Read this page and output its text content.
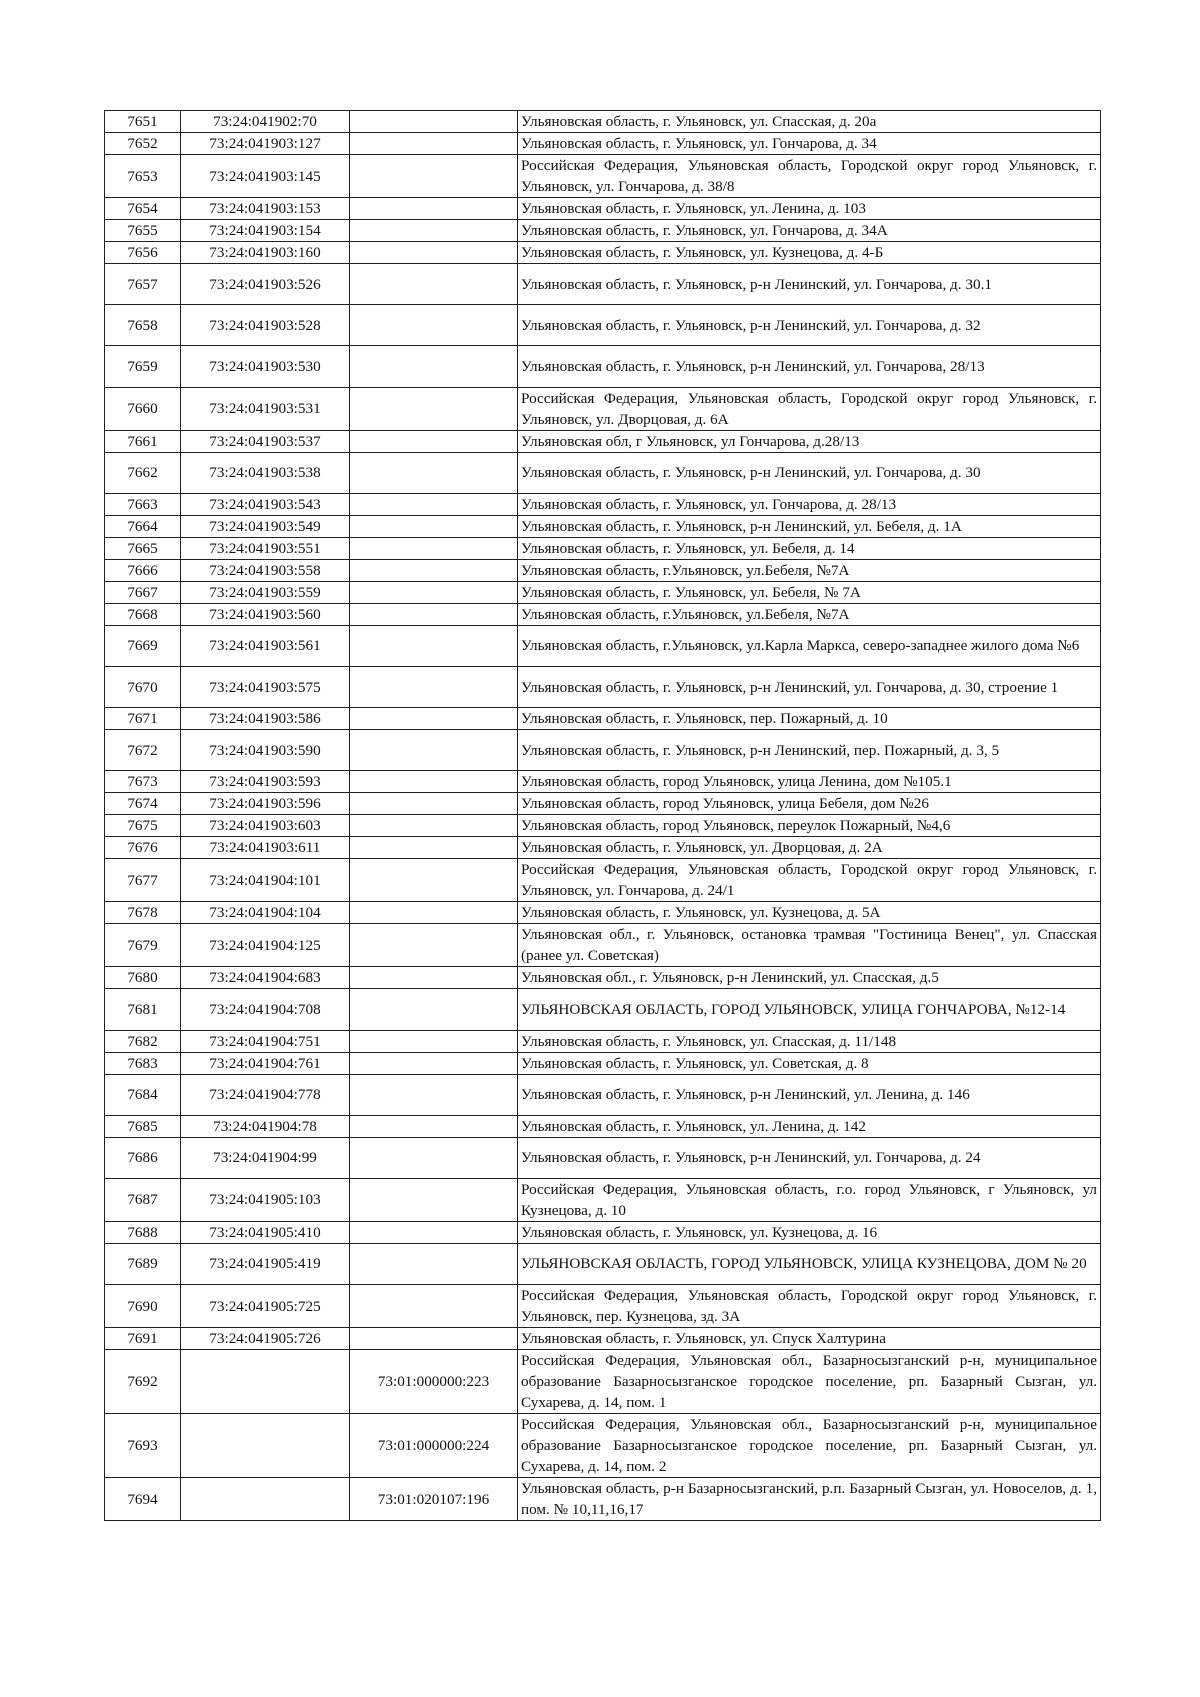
7651	73:24:041902:70		Ульяновская область, г. Ульяновск, ул. Спасская, д. 20а
7652	73:24:041903:127		Ульяновская область, г. Ульяновск, ул. Гончарова, д. 34
7653	73:24:041903:145		Российская Федерация, Ульяновская область, Городской округ город Ульяновск, г. Ульяновск, ул. Гончарова, д. 38/8
7654	73:24:041903:153		Ульяновская область, г. Ульяновск, ул. Ленина, д. 103
7655	73:24:041903:154		Ульяновская область, г. Ульяновск, ул. Гончарова, д. 34А
7656	73:24:041903:160		Ульяновская область, г. Ульяновск, ул. Кузнецова, д. 4-Б
7657	73:24:041903:526		Ульяновская область, г. Ульяновск, р-н Ленинский, ул. Гончарова, д. 30.1
7658	73:24:041903:528		Ульяновская область, г. Ульяновск, р-н Ленинский, ул. Гончарова, д. 32
7659	73:24:041903:530		Ульяновская область, г. Ульяновск, р-н Ленинский, ул. Гончарова, 28/13
7660	73:24:041903:531		Российская Федерация, Ульяновская область, Городской округ город Ульяновск, г. Ульяновск, ул. Дворцовая, д. 6А
7661	73:24:041903:537		Ульяновская обл, г Ульяновск, ул Гончарова, д.28/13
7662	73:24:041903:538		Ульяновская область, г. Ульяновск, р-н Ленинский, ул. Гончарова, д. 30
7663	73:24:041903:543		Ульяновская область, г. Ульяновск, ул. Гончарова, д. 28/13
7664	73:24:041903:549		Ульяновская область, г. Ульяновск, р-н Ленинский, ул. Бебеля, д. 1А
7665	73:24:041903:551		Ульяновская область, г. Ульяновск, ул. Бебеля, д. 14
7666	73:24:041903:558		Ульяновская область, г.Ульяновск, ул.Бебеля, №7А
7667	73:24:041903:559		Ульяновская область, г. Ульяновск, ул. Бебеля, № 7А
7668	73:24:041903:560		Ульяновская область, г.Ульяновск, ул.Бебеля, №7А
7669	73:24:041903:561		Ульяновская область, г.Ульяновск, ул.Карла Маркса, северо-западнее жилого дома №6
7670	73:24:041903:575		Ульяновская область, г. Ульяновск, р-н Ленинский, ул. Гончарова, д. 30, строение 1
7671	73:24:041903:586		Ульяновская область, г. Ульяновск, пер. Пожарный, д. 10
7672	73:24:041903:590		Ульяновская область, г. Ульяновск, р-н Ленинский, пер. Пожарный, д. 3, 5
7673	73:24:041903:593		Ульяновская область, город Ульяновск, улица Ленина, дом №105.1
7674	73:24:041903:596		Ульяновская область, город Ульяновск, улица Бебеля, дом №26
7675	73:24:041903:603		Ульяновская область, город Ульяновск, переулок Пожарный, №4,6
7676	73:24:041903:611		Ульяновская область, г. Ульяновск, ул. Дворцовая, д. 2А
7677	73:24:041904:101		Российская Федерация, Ульяновская область, Городской округ город Ульяновск, г. Ульяновск, ул. Гончарова, д. 24/1
7678	73:24:041904:104		Ульяновская область, г. Ульяновск, ул. Кузнецова, д. 5А
7679	73:24:041904:125		Ульяновская обл., г. Ульяновск, остановка трамвая "Гостиница Венец", ул. Спасская (ранее ул. Советская)
7680	73:24:041904:683		Ульяновская обл., г. Ульяновск, р-н Ленинский, ул. Спасская, д.5
7681	73:24:041904:708		УЛЬЯНОВСКАЯ ОБЛАСТЬ, ГОРОД УЛЬЯНОВСК, УЛИЦА ГОНЧАРОВА, №12-14
7682	73:24:041904:751		Ульяновская область, г. Ульяновск, ул. Спасская, д. 11/148
7683	73:24:041904:761		Ульяновская область, г. Ульяновск, ул. Советская, д. 8
7684	73:24:041904:778		Ульяновская область, г. Ульяновск, р-н Ленинский, ул. Ленина, д. 146
7685	73:24:041904:78		Ульяновская область, г. Ульяновск, ул. Ленина, д. 142
7686	73:24:041904:99		Ульяновская область, г. Ульяновск, р-н Ленинский, ул. Гончарова, д. 24
7687	73:24:041905:103		Российская Федерация, Ульяновская область, г.о. город Ульяновск, г Ульяновск, ул Кузнецова, д. 10
7688	73:24:041905:410		Ульяновская область, г. Ульяновск, ул. Кузнецова, д. 16
7689	73:24:041905:419		УЛЬЯНОВСКАЯ ОБЛАСТЬ, ГОРОД УЛЬЯНОВСК, УЛИЦА КУЗНЕЦОВА, ДОМ № 20
7690	73:24:041905:725		Российская Федерация, Ульяновская область, Городской округ город Ульяновск, г. Ульяновск, пер. Кузнецова, зд. 3А
7691	73:24:041905:726		Ульяновская область, г. Ульяновск, ул. Спуск Халтурина
7692		73:01:000000:223	Российская Федерация, Ульяновская обл., Базарносызганский р-н, муниципальное образование Базарносызганское городское поселение, рп. Базарный Сызган, ул. Сухарева, д. 14, пом. 1
7693		73:01:000000:224	Российская Федерация, Ульяновская обл., Базарносызганский р-н, муниципальное образование Базарносызганское городское поселение, рп. Базарный Сызган, ул. Сухарева, д. 14, пом. 2
7694		73:01:020107:196	Ульяновская область, р-н Базарносызганский, р.п. Базарный Сызган, ул. Новоселов, д. 1, пом. № 10,11,16,17
